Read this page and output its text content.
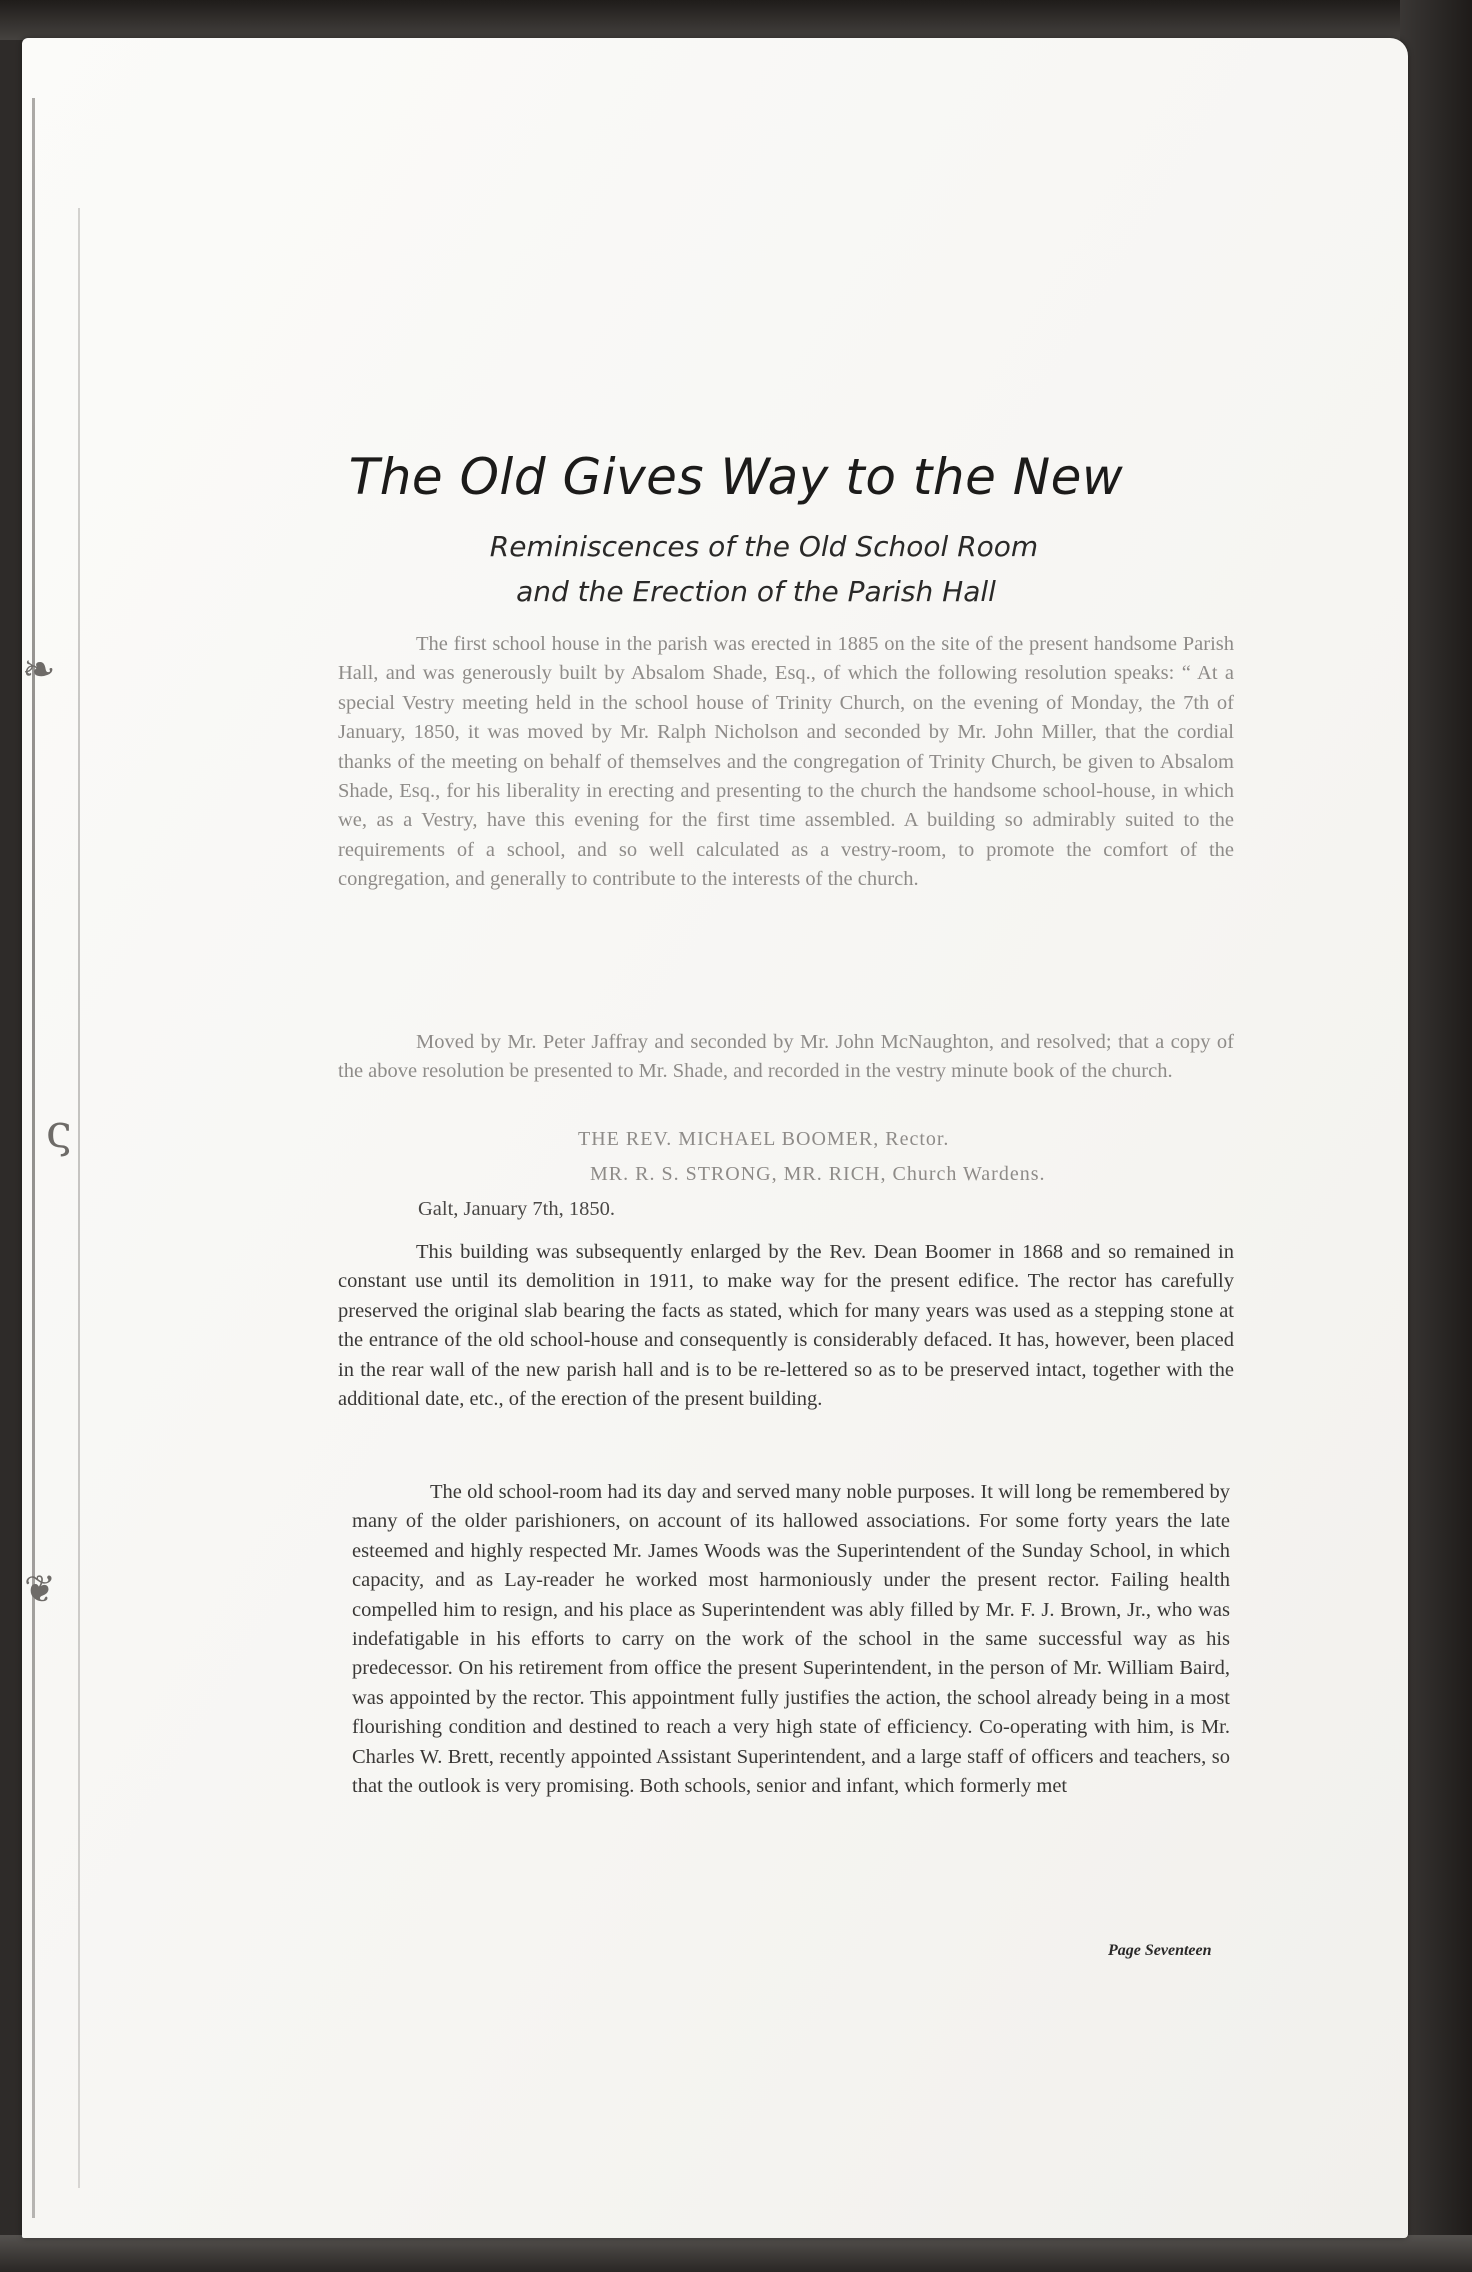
❧
ς
❦
The Old Gives Way to the New
Reminiscences of the Old School Room
and the Erection of the Parish Hall

The first school house in the parish was erected in 1885 on the site of the present handsome Parish Hall, and was generously built by Absalom Shade, Esq., of which the following resolution speaks: “ At a special Vestry meeting held in the school house of Trinity Church, on the evening of Monday, the 7th of January, 1850, it was moved by Mr. Ralph Nicholson and seconded by Mr. John Miller, that the cordial thanks of the meeting on behalf of themselves and the congregation of Trinity Church, be given to Absalom Shade, Esq., for his liberality in erecting and presenting to the church the handsome school-house, in which we, as a Vestry, have this evening for the first time assembled. A building so admirably suited to the requirements of a school, and so well calculated as a vestry-room, to promote the comfort of the congregation, and generally to contribute to the interests of the church.

Moved by Mr. Peter Jaffray and seconded by Mr. John McNaughton, and resolved; that a copy of the above resolution be presented to Mr. Shade, and recorded in the vestry minute book of the church.

THE REV. MICHAEL BOOMER, Rector.
MR. R. S. STRONG, MR. RICH, Church Wardens.
Galt, January 7th, 1850.

This building was subsequently enlarged by the Rev. Dean Boomer in 1868 and so remained in constant use until its demolition in 1911, to make way for the present edifice. The rector has carefully preserved the original slab bearing the facts as stated, which for many years was used as a stepping stone at the entrance of the old school-house and consequently is considerably defaced. It has, however, been placed in the rear wall of the new parish hall and is to be re-lettered so as to be preserved intact, together with the additional date, etc., of the erection of the present building.

The old school-room had its day and served many noble purposes. It will long be remembered by many of the older parishioners, on account of its hallowed associations. For some forty years the late esteemed and highly respected Mr. James Woods was the Superintendent of the Sunday School, in which capacity, and as Lay-reader he worked most harmoniously under the present rector. Failing health compelled him to resign, and his place as Superintendent was ably filled by Mr. F. J. Brown, Jr., who was indefatigable in his efforts to carry on the work of the school in the same successful way as his predecessor. On his retirement from office the present Superintendent, in the person of Mr. William Baird, was appointed by the rector. This appointment fully justifies the action, the school already being in a most flourishing condition and destined to reach a very high state of efficiency. Co-operating with him, is Mr. Charles W. Brett, recently appointed Assistant Superintendent, and a large staff of officers and teachers, so that the outlook is very promising. Both schools, senior and infant, which formerly met

Page Seventeen
